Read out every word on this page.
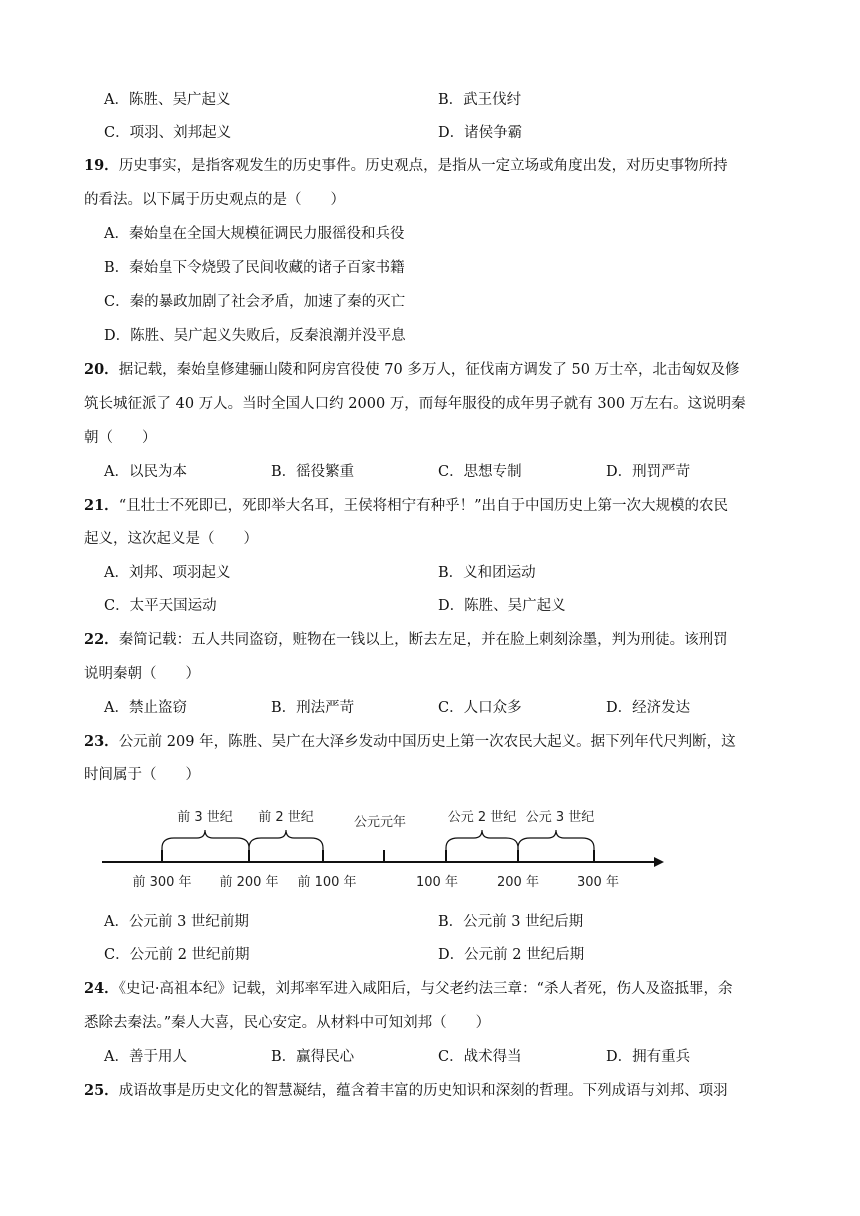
A．陈胜、吴广起义	B．武王伐纣
C．项羽、刘邦起义	D．诸侯争霸
19．历史事实，是指客观发生的历史事件。历史观点，是指从一定立场或角度出发，对历史事物所持
的看法。以下属于历史观点的是（　　）
A．秦始皇在全国大规模征调民力服徭役和兵役
B．秦始皇下令烧毁了民间收藏的诸子百家书籍
C．秦的暴政加剧了社会矛盾，加速了秦的灭亡
D．陈胜、吴广起义失败后，反秦浪潮并没平息
20．据记载，秦始皇修建骊山陵和阿房宫役使 70 多万人，征伐南方调发了 50 万士卒，北击匈奴及修
筑长城征派了 40 万人。当时全国人口约 2000 万，而每年服役的成年男子就有 300 万左右。这说明秦
朝（　　）
A．以民为本	B．徭役繁重	C．思想专制	D．刑罚严苛
21．“且壮士不死即已，死即举大名耳，王侯将相宁有种乎！”出自于中国历史上第一次大规模的农民
起义，这次起义是（　　）
A．刘邦、项羽起义	B．义和团运动
C．太平天国运动	D．陈胜、吴广起义
22．秦简记载：五人共同盗窃，赃物在一钱以上，断去左足，并在脸上刺刻涂墨，判为刑徒。该刑罚
说明秦朝（　　）
A．禁止盗窃	B．刑法严苛	C．人口众多	D．经济发达
23．公元前 209 年，陈胜、吴广在大泽乡发动中国历史上第一次农民大起义。据下列年代尺判断，这
时间属于（　　）
前 3 世纪 前 2 世纪	公元元年	公元 2 世纪 公元 3 世纪
前 300 年 前 200 年 前 100 年	100 年	200 年	300 年
A．公元前 3 世纪前期	B．公元前 3 世纪后期
C．公元前 2 世纪前期	D．公元前 2 世纪后期
24．《史记·高祖本纪》记载，刘邦率军进入咸阳后，与父老约法三章：“杀人者死，伤人及盗抵罪，余
悉除去秦法。”秦人大喜，民心安定。从材料中可知刘邦（　　）
A．善于用人	B．赢得民心	C．战术得当	D．拥有重兵
25．成语故事是历史文化的智慧凝结，蕴含着丰富的历史知识和深刻的哲理。下列成语与刘邦、项羽
